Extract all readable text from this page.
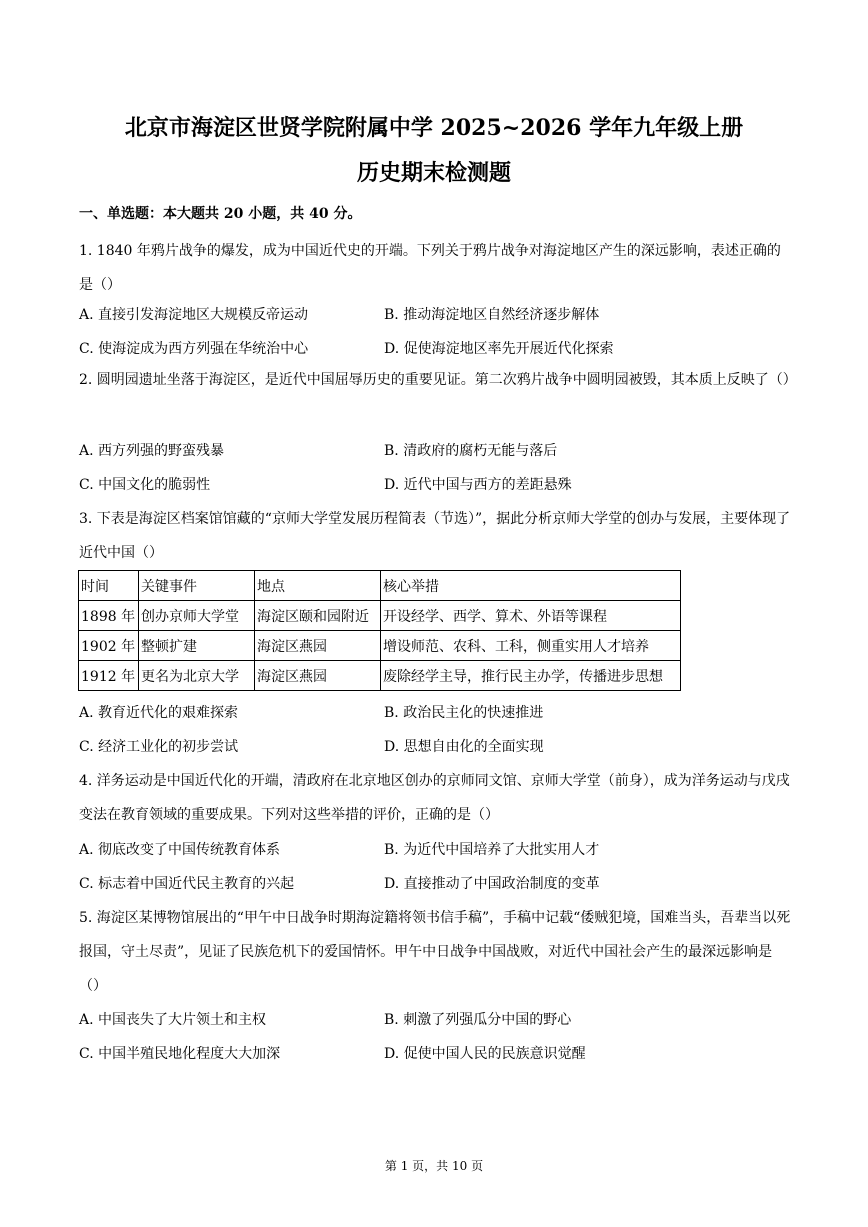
北京市海淀区世贤学院附属中学 2025~2026 学年九年级上册
历史期末检测题
一、单选题：本大题共 20 小题，共 40 分。
1. 1840 年鸦片战争的爆发，成为中国近代史的开端。下列关于鸦片战争对海淀地区产生的深远影响，表述正确的是（）
A. 直接引发海淀地区大规模反帝运动	B. 推动海淀地区自然经济逐步解体
C. 使海淀成为西方列强在华统治中心	D. 促使海淀地区率先开展近代化探索
2. 圆明园遗址坐落于海淀区，是近代中国屈辱历史的重要见证。第二次鸦片战争中圆明园被毁，其本质上反映了（）
A. 西方列强的野蛮残暴	B. 清政府的腐朽无能与落后
C. 中国文化的脆弱性	D. 近代中国与西方的差距悬殊
3. 下表是海淀区档案馆馆藏的“京师大学堂发展历程简表（节选）”，据此分析京师大学堂的创办与发展，主要体现了近代中国（）
时间	关键事件	地点	核心举措
1898 年	创办京师大学堂	海淀区颐和园附近	开设经学、西学、算术、外语等课程
1902 年	整顿扩建	海淀区燕园	增设师范、农科、工科，侧重实用人才培养
1912 年	更名为北京大学	海淀区燕园	废除经学主导，推行民主办学，传播进步思想
A. 教育近代化的艰难探索	B. 政治民主化的快速推进
C. 经济工业化的初步尝试	D. 思想自由化的全面实现
4. 洋务运动是中国近代化的开端，清政府在北京地区创办的京师同文馆、京师大学堂（前身），成为洋务运动与戊戌变法在教育领域的重要成果。下列对这些举措的评价，正确的是（）
A. 彻底改变了中国传统教育体系	B. 为近代中国培养了大批实用人才
C. 标志着中国近代民主教育的兴起	D. 直接推动了中国政治制度的变革
5. 海淀区某博物馆展出的“甲午中日战争时期海淀籍将领书信手稿”，手稿中记载“倭贼犯境，国难当头，吾辈当以死报国，守土尽责”，见证了民族危机下的爱国情怀。甲午中日战争中国战败，对近代中国社会产生的最深远影响是（）
A. 中国丧失了大片领土和主权	B. 刺激了列强瓜分中国的野心
C. 中国半殖民地化程度大大加深	D. 促使中国人民的民族意识觉醒
第 1 页，共 10 页
